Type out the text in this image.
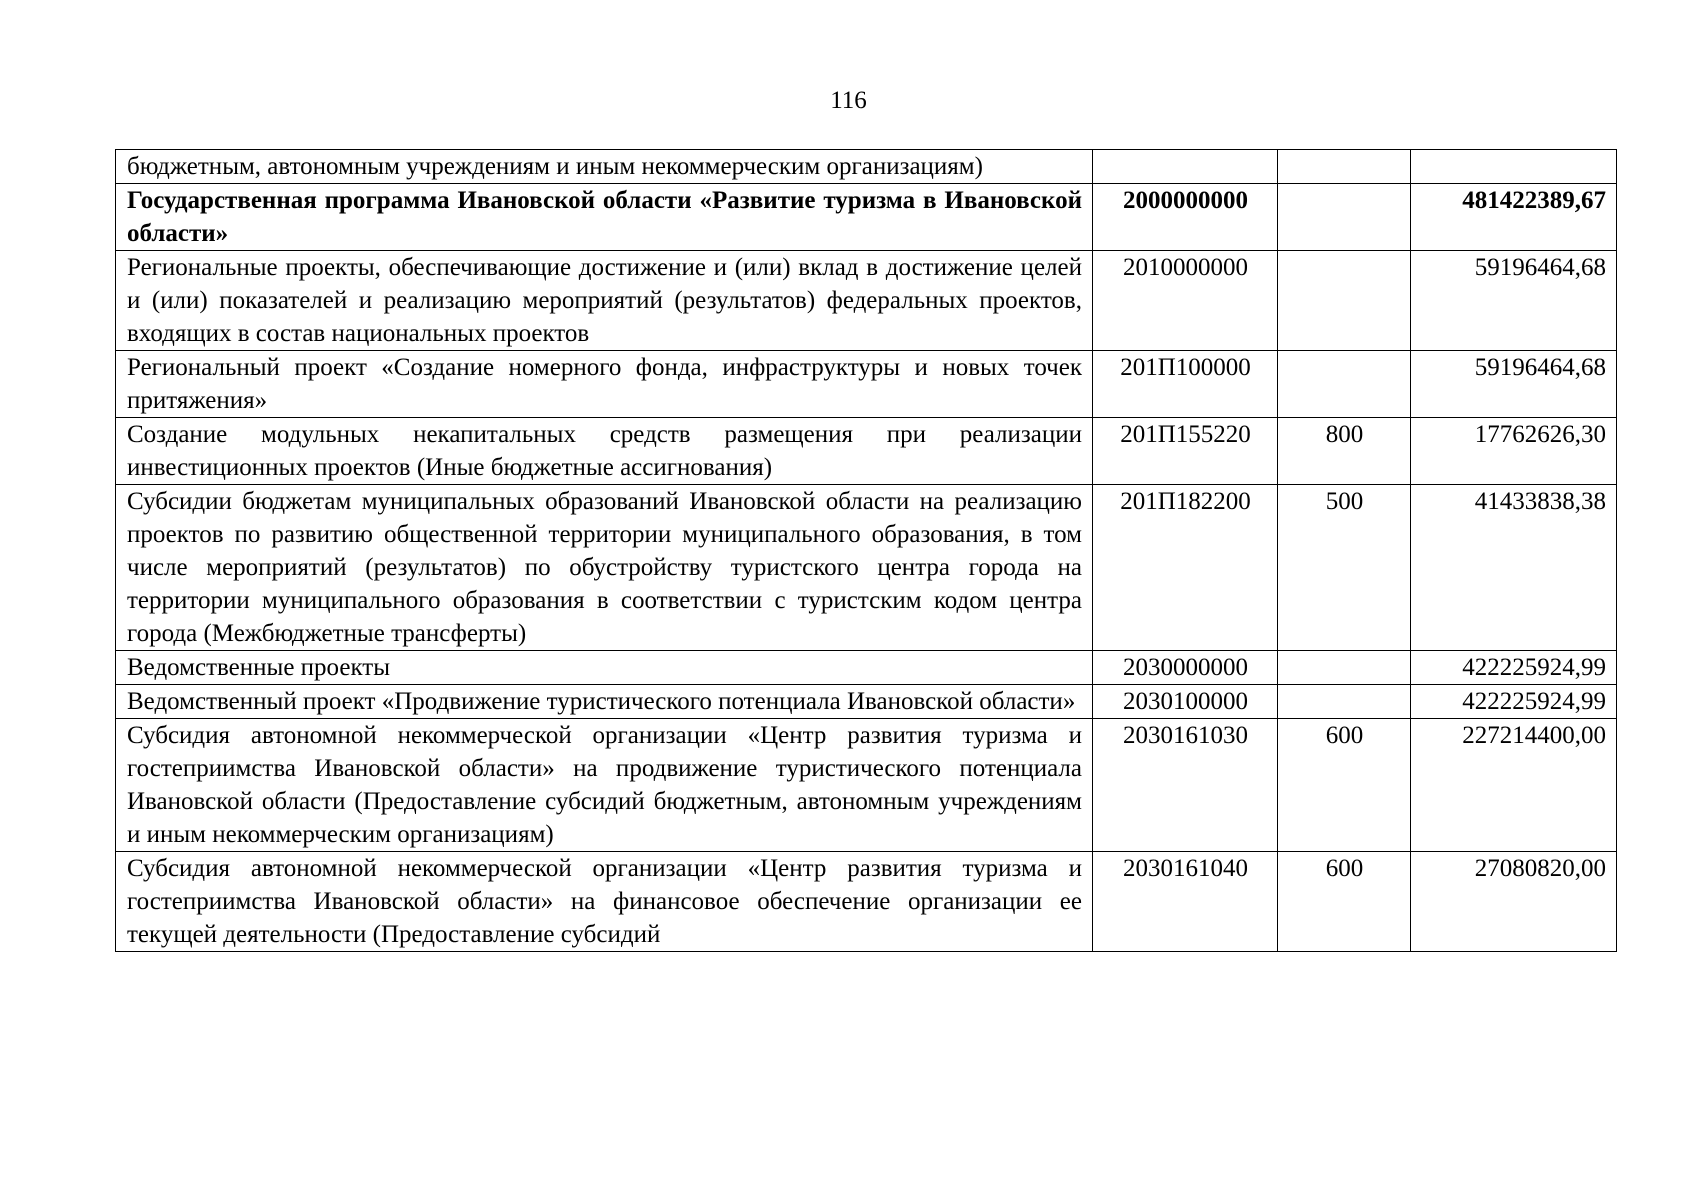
116
бюджетным, автономным учреждениям и иным некоммерческим организациям)			
Государственная программа Ивановской области «Развитие туризма в Ивановской области»	2000000000		481422389,67
Региональные проекты, обеспечивающие достижение и (или) вклад в достижение целей и (или) показателей и реализацию мероприятий (результатов) федеральных проектов, входящих в состав национальных проектов	2010000000		59196464,68
Региональный проект «Создание номерного фонда, инфраструктуры и новых точек притяжения»	201П100000		59196464,68
Создание модульных некапитальных средств размещения при реализации инвестиционных проектов (Иные бюджетные ассигнования)	201П155220	800	17762626,30
Субсидии бюджетам муниципальных образований Ивановской области на реализацию проектов по развитию общественной территории муниципального образования, в том числе мероприятий (результатов) по обустройству туристского центра города на территории муниципального образования в соответствии с туристским кодом центра города (Межбюджетные трансферты)	201П182200	500	41433838,38
Ведомственные проекты	2030000000		422225924,99
Ведомственный проект «Продвижение туристического потенциала Ивановской области»	2030100000		422225924,99
Субсидия автономной некоммерческой организации «Центр развития туризма и гостеприимства Ивановской области» на продвижение туристического потенциала Ивановской области (Предоставление субсидий бюджетным, автономным учреждениям и иным некоммерческим организациям)	2030161030	600	227214400,00
Субсидия автономной некоммерческой организации «Центр развития туризма и гостеприимства Ивановской области» на финансовое обеспечение организации ее текущей деятельности (Предоставление субсидий	2030161040	600	27080820,00
